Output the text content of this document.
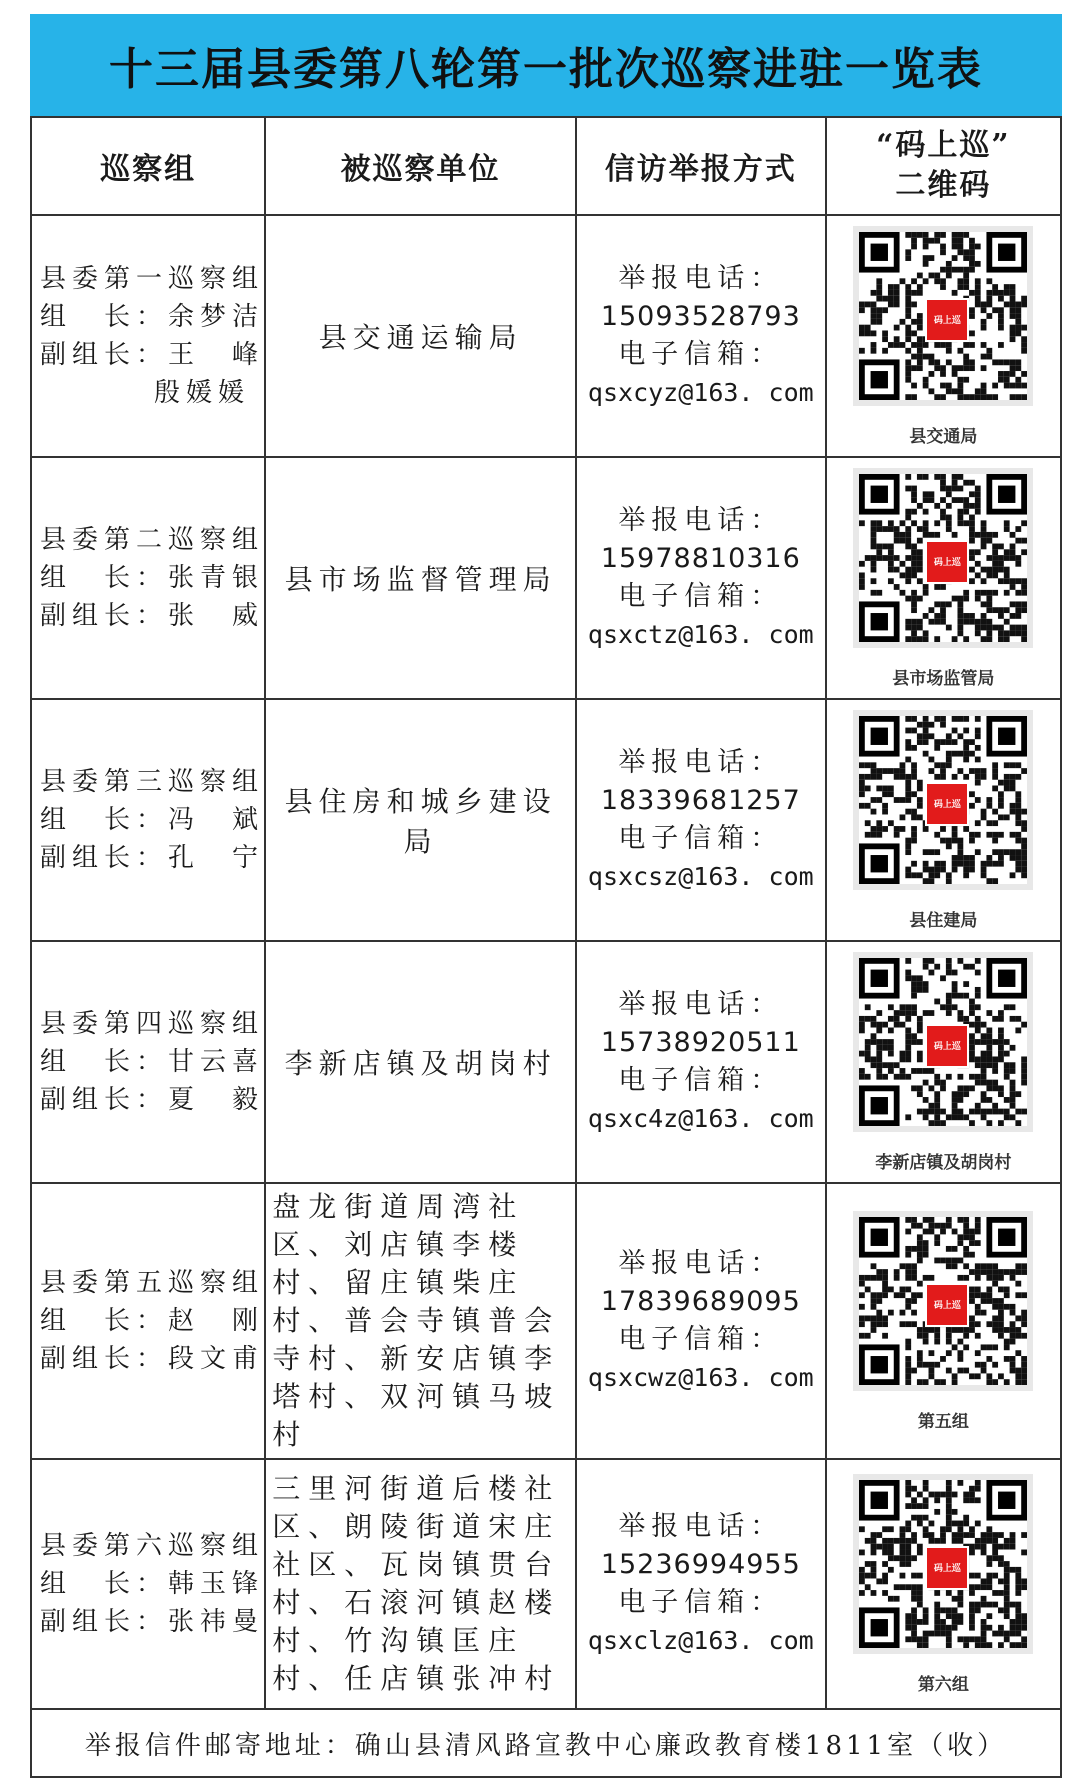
十三届县委第八轮第一批次巡察进驻一览表
巡察组	被巡察单位	信访举报方式	“码上巡”
二维码

县委第一巡察组
组　长：余梦洁
副组长：王　峰
殷媛媛	县交通运输局	举报电话：
15093528793
电子信箱：
qsxcyz@163. com	码上巡
县交通局

县委第二巡察组
组　长：张青银
副组长：张　威	县市场监督管理局	举报电话：
15978810316
电子信箱：
qsxctz@163. com	码上巡
县市场监管局

县委第三巡察组
组　长：冯　斌
副组长：孔　宁	县住房和城乡建设局	举报电话：
18339681257
电子信箱：
qsxcsz@163. com	码上巡
县住建局

县委第四巡察组
组　长：甘云喜
副组长：夏　毅	李新店镇及胡岗村	举报电话：
15738920511
电子信箱：
qsxc4z@163. com	码上巡
李新店镇及胡岗村

县委第五巡察组
组　长：赵　刚
副组长：段文甫	盘龙街道周湾社区、刘店镇李楼村、留庄镇柴庄村、普会寺镇普会寺村、新安店镇李塔村、双河镇马坡村	举报电话：
17839689095
电子信箱：
qsxcwz@163. com	码上巡
第五组

县委第六巡察组
组　长：韩玉锋
副组长：张祎曼	三里河街道后楼社区、朗陵街道宋庄社区、瓦岗镇贯台村、石滚河镇赵楼村、竹沟镇匡庄村、任店镇张冲村	举报电话：
15236994955
电子信箱：
qsxclz@163. com	码上巡
第六组

举报信件邮寄地址：确山县清风路宣教中心廉政教育楼1811室（收）			
